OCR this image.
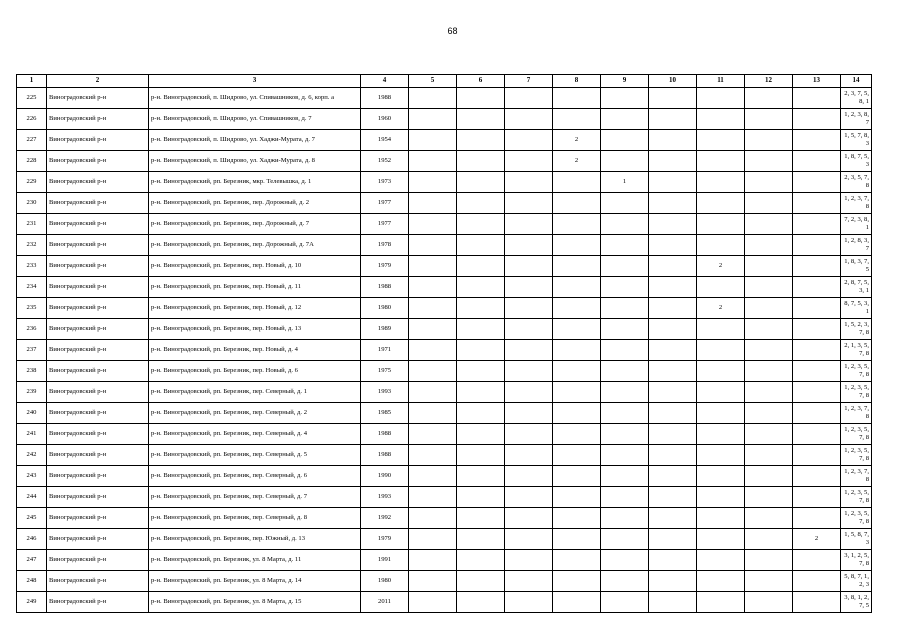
68
1	2	3	4	5	6	7	8	9	10	11	12	13	14
225	Виноградовский р-н	р-н. Виноградовский, п. Шидрово, ул. Спивашников, д. 6, корп. а	1988										2, 3, 7, 5, 8, 1
226	Виноградовский р-н	р-н. Виноградовский, п. Шидрово, ул. Спивашников, д. 7	1960										1, 2, 3, 8, 7
227	Виноградовский р-н	р-н. Виноградовский, п. Шидрово, ул. Хаджи-Мурата, д. 7	1954				2						1, 5, 7, 8, 3
228	Виноградовский р-н	р-н. Виноградовский, п. Шидрово, ул. Хаджи-Мурата, д. 8	1952				2						1, 8, 7, 5, 3
229	Виноградовский р-н	р-н. Виноградовский, рп. Березник, мкр. Телевышка, д. 1	1973					1					2, 3, 5, 7, 8
230	Виноградовский р-н	р-н. Виноградовский, рп. Березник, пер. Дорожный, д. 2	1977										1, 2, 3, 7, 8
231	Виноградовский р-н	р-н. Виноградовский, рп. Березник, пер. Дорожный, д. 7	1977										7, 2, 3, 8, 1
232	Виноградовский р-н	р-н. Виноградовский, рп. Березник, пер. Дорожный, д. 7А	1978										1, 2, 8, 3, 7
233	Виноградовский р-н	р-н. Виноградовский, рп. Березник, пер. Новый, д. 10	1979							2			1, 8, 3, 7, 5
234	Виноградовский р-н	р-н. Виноградовский, рп. Березник, пер. Новый, д. 11	1988										2, 8, 7, 5, 3, 1
235	Виноградовский р-н	р-н. Виноградовский, рп. Березник, пер. Новый, д. 12	1980							2			8, 7, 5, 3, 1
236	Виноградовский р-н	р-н. Виноградовский, рп. Березник, пер. Новый, д. 13	1989										1, 5, 2, 3, 7, 8
237	Виноградовский р-н	р-н. Виноградовский, рп. Березник, пер. Новый, д. 4	1971										2, 1, 3, 5, 7, 8
238	Виноградовский р-н	р-н. Виноградовский, рп. Березник, пер. Новый, д. 6	1975										1, 2, 3, 5, 7, 8
239	Виноградовский р-н	р-н. Виноградовский, рп. Березник, пер. Северный, д. 1	1993										1, 2, 3, 5, 7, 8
240	Виноградовский р-н	р-н. Виноградовский, рп. Березник, пер. Северный, д. 2	1985										1, 2, 3, 7, 8
241	Виноградовский р-н	р-н. Виноградовский, рп. Березник, пер. Северный, д. 4	1988										1, 2, 3, 5, 7, 8
242	Виноградовский р-н	р-н. Виноградовский, рп. Березник, пер. Северный, д. 5	1988										1, 2, 3, 5, 7, 8
243	Виноградовский р-н	р-н. Виноградовский, рп. Березник, пер. Северный, д. 6	1990										1, 2, 3, 7, 8
244	Виноградовский р-н	р-н. Виноградовский, рп. Березник, пер. Северный, д. 7	1993										1, 2, 3, 5, 7, 8
245	Виноградовский р-н	р-н. Виноградовский, рп. Березник, пер. Северный, д. 8	1992										1, 2, 3, 5, 7, 8
246	Виноградовский р-н	р-н. Виноградовский, рп. Березник, пер. Южный, д. 13	1979									2	1, 5, 8, 7, 3
247	Виноградовский р-н	р-н. Виноградовский, рп. Березник, ул. 8 Марта, д. 11	1991										3, 1, 2, 5, 7, 8
248	Виноградовский р-н	р-н. Виноградовский, рп. Березник, ул. 8 Марта, д. 14	1980										5, 8, 7, 1, 2, 3
249	Виноградовский р-н	р-н. Виноградовский, рп. Березник, ул. 8 Марта, д. 15	2011										3, 8, 1, 2, 7, 5
